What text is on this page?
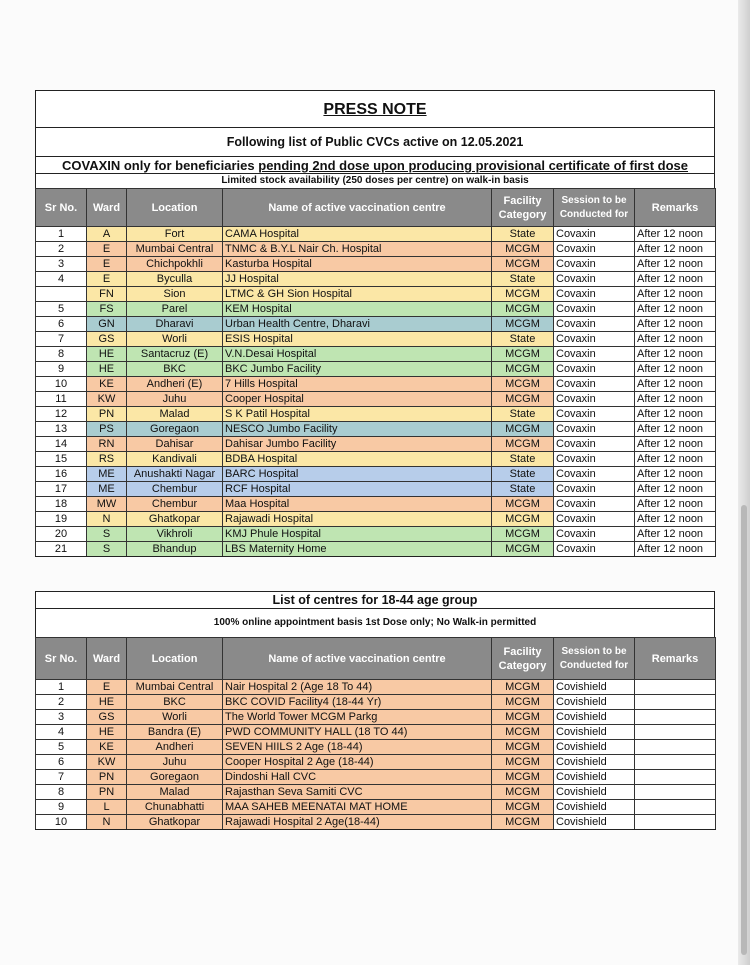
PRESS NOTE
Following list of Public CVCs active on 12.05.2021
COVAXIN only for beneficiaries pending 2nd dose upon producing provisional certificate of first dose
Limited stock availability (250 doses per centre) on walk-in basis
Sr No.	Ward	Location	Name of active vaccination centre	Facility Category	Session to be Conducted for	Remarks
1	A	Fort	CAMA Hospital	State	Covaxin	After 12 noon
2	E	Mumbai Central	TNMC & B.Y.L Nair Ch. Hospital	MCGM	Covaxin	After 12 noon
3	E	Chichpokhli	Kasturba Hospital	MCGM	Covaxin	After 12 noon
4	E	Byculla	JJ Hospital	State	Covaxin	After 12 noon
	FN	Sion	LTMC & GH Sion Hospital	MCGM	Covaxin	After 12 noon
5	FS	Parel	KEM Hospital	MCGM	Covaxin	After 12 noon
6	GN	Dharavi	Urban Health Centre, Dharavi	MCGM	Covaxin	After 12 noon
7	GS	Worli	ESIS Hospital	State	Covaxin	After 12 noon
8	HE	Santacruz (E)	V.N.Desai Hospital	MCGM	Covaxin	After 12 noon
9	HE	BKC	BKC Jumbo Facility	MCGM	Covaxin	After 12 noon
10	KE	Andheri (E)	7 Hills Hospital	MCGM	Covaxin	After 12 noon
11	KW	Juhu	Cooper Hospital	MCGM	Covaxin	After 12 noon
12	PN	Malad	S K Patil Hospital	State	Covaxin	After 12 noon
13	PS	Goregaon	NESCO Jumbo Facility	MCGM	Covaxin	After 12 noon
14	RN	Dahisar	Dahisar Jumbo Facility	MCGM	Covaxin	After 12 noon
15	RS	Kandivali	BDBA Hospital	State	Covaxin	After 12 noon
16	ME	Anushakti Nagar	BARC Hospital	State	Covaxin	After 12 noon
17	ME	Chembur	RCF Hospital	State	Covaxin	After 12 noon
18	MW	Chembur	Maa Hospital	MCGM	Covaxin	After 12 noon
19	N	Ghatkopar	Rajawadi Hospital	MCGM	Covaxin	After 12 noon
20	S	Vikhroli	KMJ Phule Hospital	MCGM	Covaxin	After 12 noon
21	S	Bhandup	LBS Maternity Home	MCGM	Covaxin	After 12 noon
List of centres for 18-44 age group
100% online appointment basis 1st Dose only; No Walk-in permitted
Sr No.	Ward	Location	Name of active vaccination centre	Facility Category	Session to be Conducted for	Remarks
1	E	Mumbai Central	Nair Hospital 2 (Age 18 To 44)	MCGM	Covishield	
2	HE	BKC	BKC COVID Facility4 (18-44 Yr)	MCGM	Covishield	
3	GS	Worli	The World Tower MCGM Parkg	MCGM	Covishield	
4	HE	Bandra (E)	PWD COMMUNITY HALL (18 TO 44)	MCGM	Covishield	
5	KE	Andheri	SEVEN HIILS 2 Age (18-44)	MCGM	Covishield	
6	KW	Juhu	Cooper Hospital 2 Age (18-44)	MCGM	Covishield	
7	PN	Goregaon	Dindoshi Hall CVC	MCGM	Covishield	
8	PN	Malad	Rajasthan Seva Samiti CVC	MCGM	Covishield	
9	L	Chunabhatti	MAA SAHEB MEENATAI MAT HOME	MCGM	Covishield	
10	N	Ghatkopar	Rajawadi Hospital 2 Age(18-44)	MCGM	Covishield	
